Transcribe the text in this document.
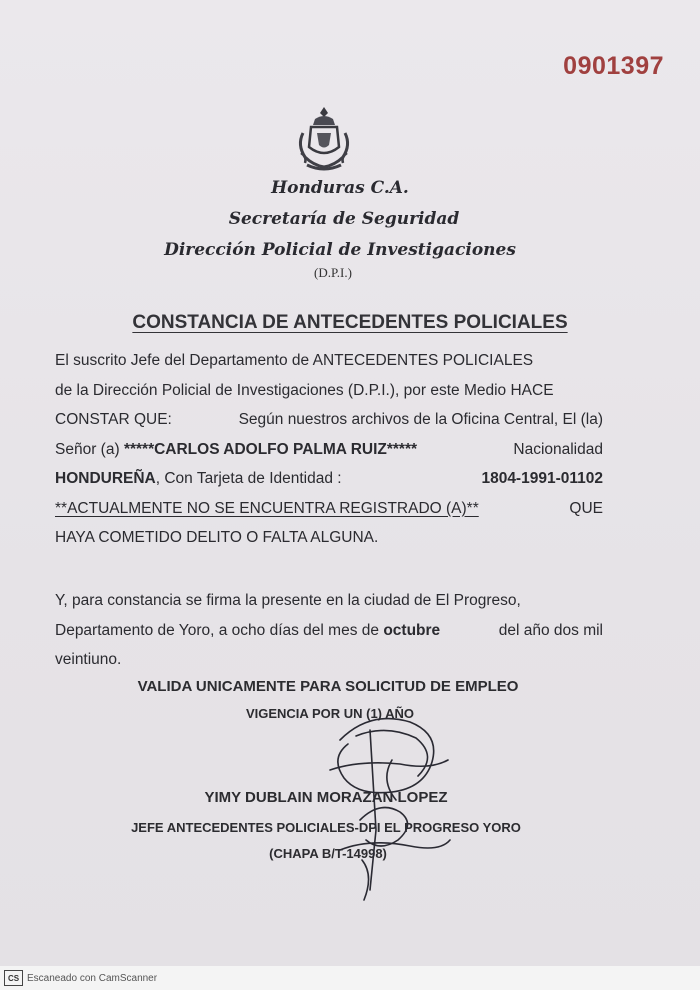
0901397
Honduras C.A.
Secretaría de Seguridad
Dirección Policial de Investigaciones
(D.P.I.)
CONSTANCIA DE ANTECEDENTES POLICIALES
El suscrito Jefe del Departamento de ANTECEDENTES POLICIALES
de la Dirección Policial de Investigaciones (D.P.I.), por este Medio HACE
CONSTAR QUE:	Según nuestros archivos de la Oficina Central, El (la)
Señor (a) *****CARLOS ADOLFO PALMA RUIZ*****	Nacionalidad
HONDUREÑA, Con Tarjeta de Identidad :	1804-1991-01102
**ACTUALMENTE NO SE ENCUENTRA REGISTRADO (A)**	QUE
HAYA COMETIDO DELITO O FALTA ALGUNA.
Y, para constancia se firma la presente en la ciudad de El Progreso,
Departamento de Yoro, a ocho días del mes de octubre	del año dos mil
veintiuno.
VALIDA UNICAMENTE PARA SOLICITUD DE EMPLEO
VIGENCIA POR UN (1) AÑO
YIMY DUBLAIN MORAZAN LOPEZ
JEFE ANTECEDENTES POLICIALES-DPI EL PROGRESO YORO
(CHAPA B/T-14998)
CS Escaneado con CamScanner
